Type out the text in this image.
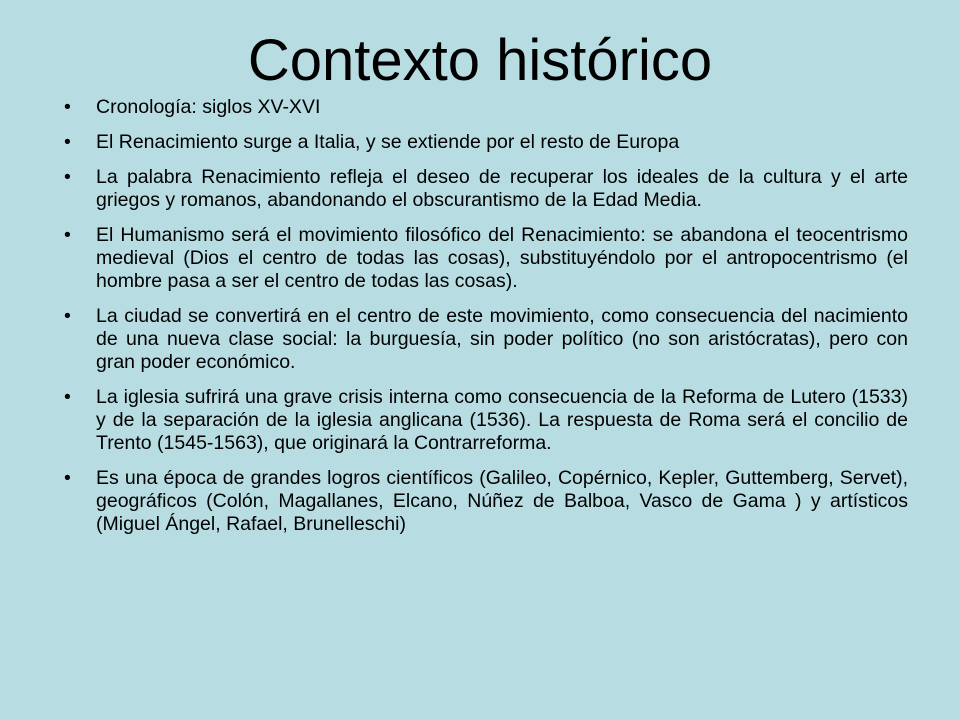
Contexto histórico
•	Cronología: siglos XV-XVI
•	El Renacimiento surge a Italia, y se extiende por el resto de Europa
•	La palabra Renacimiento refleja el deseo de recuperar los ideales de la cultura y el arte griegos y romanos, abandonando el obscurantismo de la Edad Media.
•	El Humanismo será el movimiento filosófico del Renacimiento: se abandona el teocentrismo medieval (Dios el centro de todas las cosas), substituyéndolo por el antropocentrismo (el hombre pasa a ser el centro de todas las cosas).
•	La ciudad se convertirá en el centro de este movimiento, como consecuencia del nacimiento de una nueva clase social: la burguesía, sin poder político (no son aristócratas), pero con gran poder económico.
•	La iglesia sufrirá una grave crisis interna como consecuencia de la Reforma de Lutero (1533) y de la separación de la iglesia anglicana (1536). La respuesta de Roma será el concilio de Trento (1545-1563), que originará la Contrarreforma.
•	Es una época de grandes logros científicos (Galileo, Copérnico, Kepler, Guttemberg, Servet), geográficos (Colón, Magallanes, Elcano, Núñez de Balboa, Vasco de Gama ) y artísticos (Miguel Ángel, Rafael, Brunelleschi)
